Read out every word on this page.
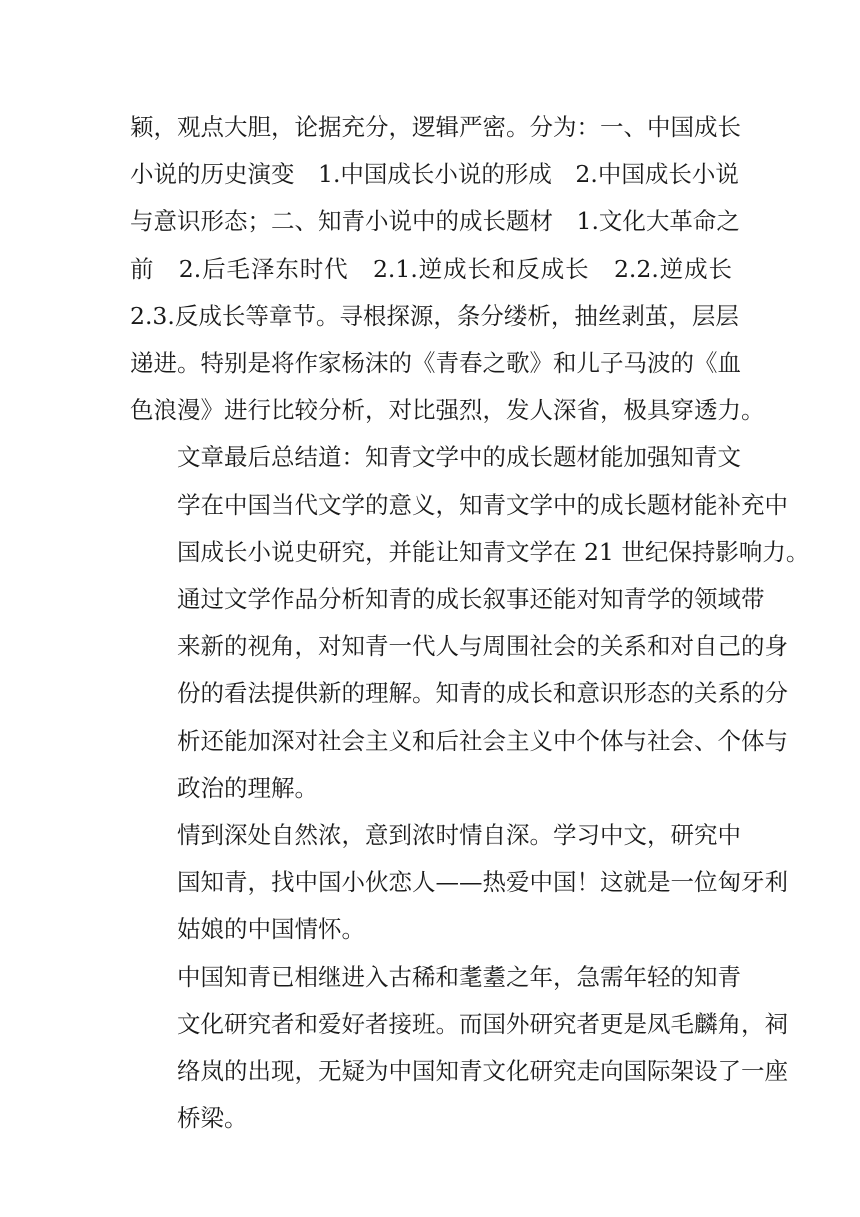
颖，观点大胆，论据充分，逻辑严密。分为：一、中国成长
小说的历史演变　1.中国成长小说的形成　2.中国成长小说
与意识形态；二、知青小说中的成长题材　1.文化大革命之
前　2.后毛泽东时代　2.1.逆成长和反成长　2.2.逆成长
2.3.反成长等章节。寻根探源，条分缕析，抽丝剥茧，层层
递进。特别是将作家杨沫的《青春之歌》和儿子马波的《血
色浪漫》进行比较分析，对比强烈，发人深省，极具穿透力。

文章最后总结道：知青文学中的成长题材能加强知青文
学在中国当代文学的意义，知青文学中的成长题材能补充中
国成长小说史研究，并能让知青文学在 21 世纪保持影响力。
通过文学作品分析知青的成长叙事还能对知青学的领域带
来新的视角，对知青一代人与周围社会的关系和对自己的身
份的看法提供新的理解。知青的成长和意识形态的关系的分
析还能加深对社会主义和后社会主义中个体与社会、个体与
政治的理解。

情到深处自然浓，意到浓时情自深。学习中文，研究中
国知青，找中国小伙恋人——热爱中国！这就是一位匈牙利
姑娘的中国情怀。

中国知青已相继进入古稀和耄耋之年，急需年轻的知青
文化研究者和爱好者接班。而国外研究者更是凤毛麟角，祠
络岚的出现，无疑为中国知青文化研究走向国际架设了一座
桥梁。
